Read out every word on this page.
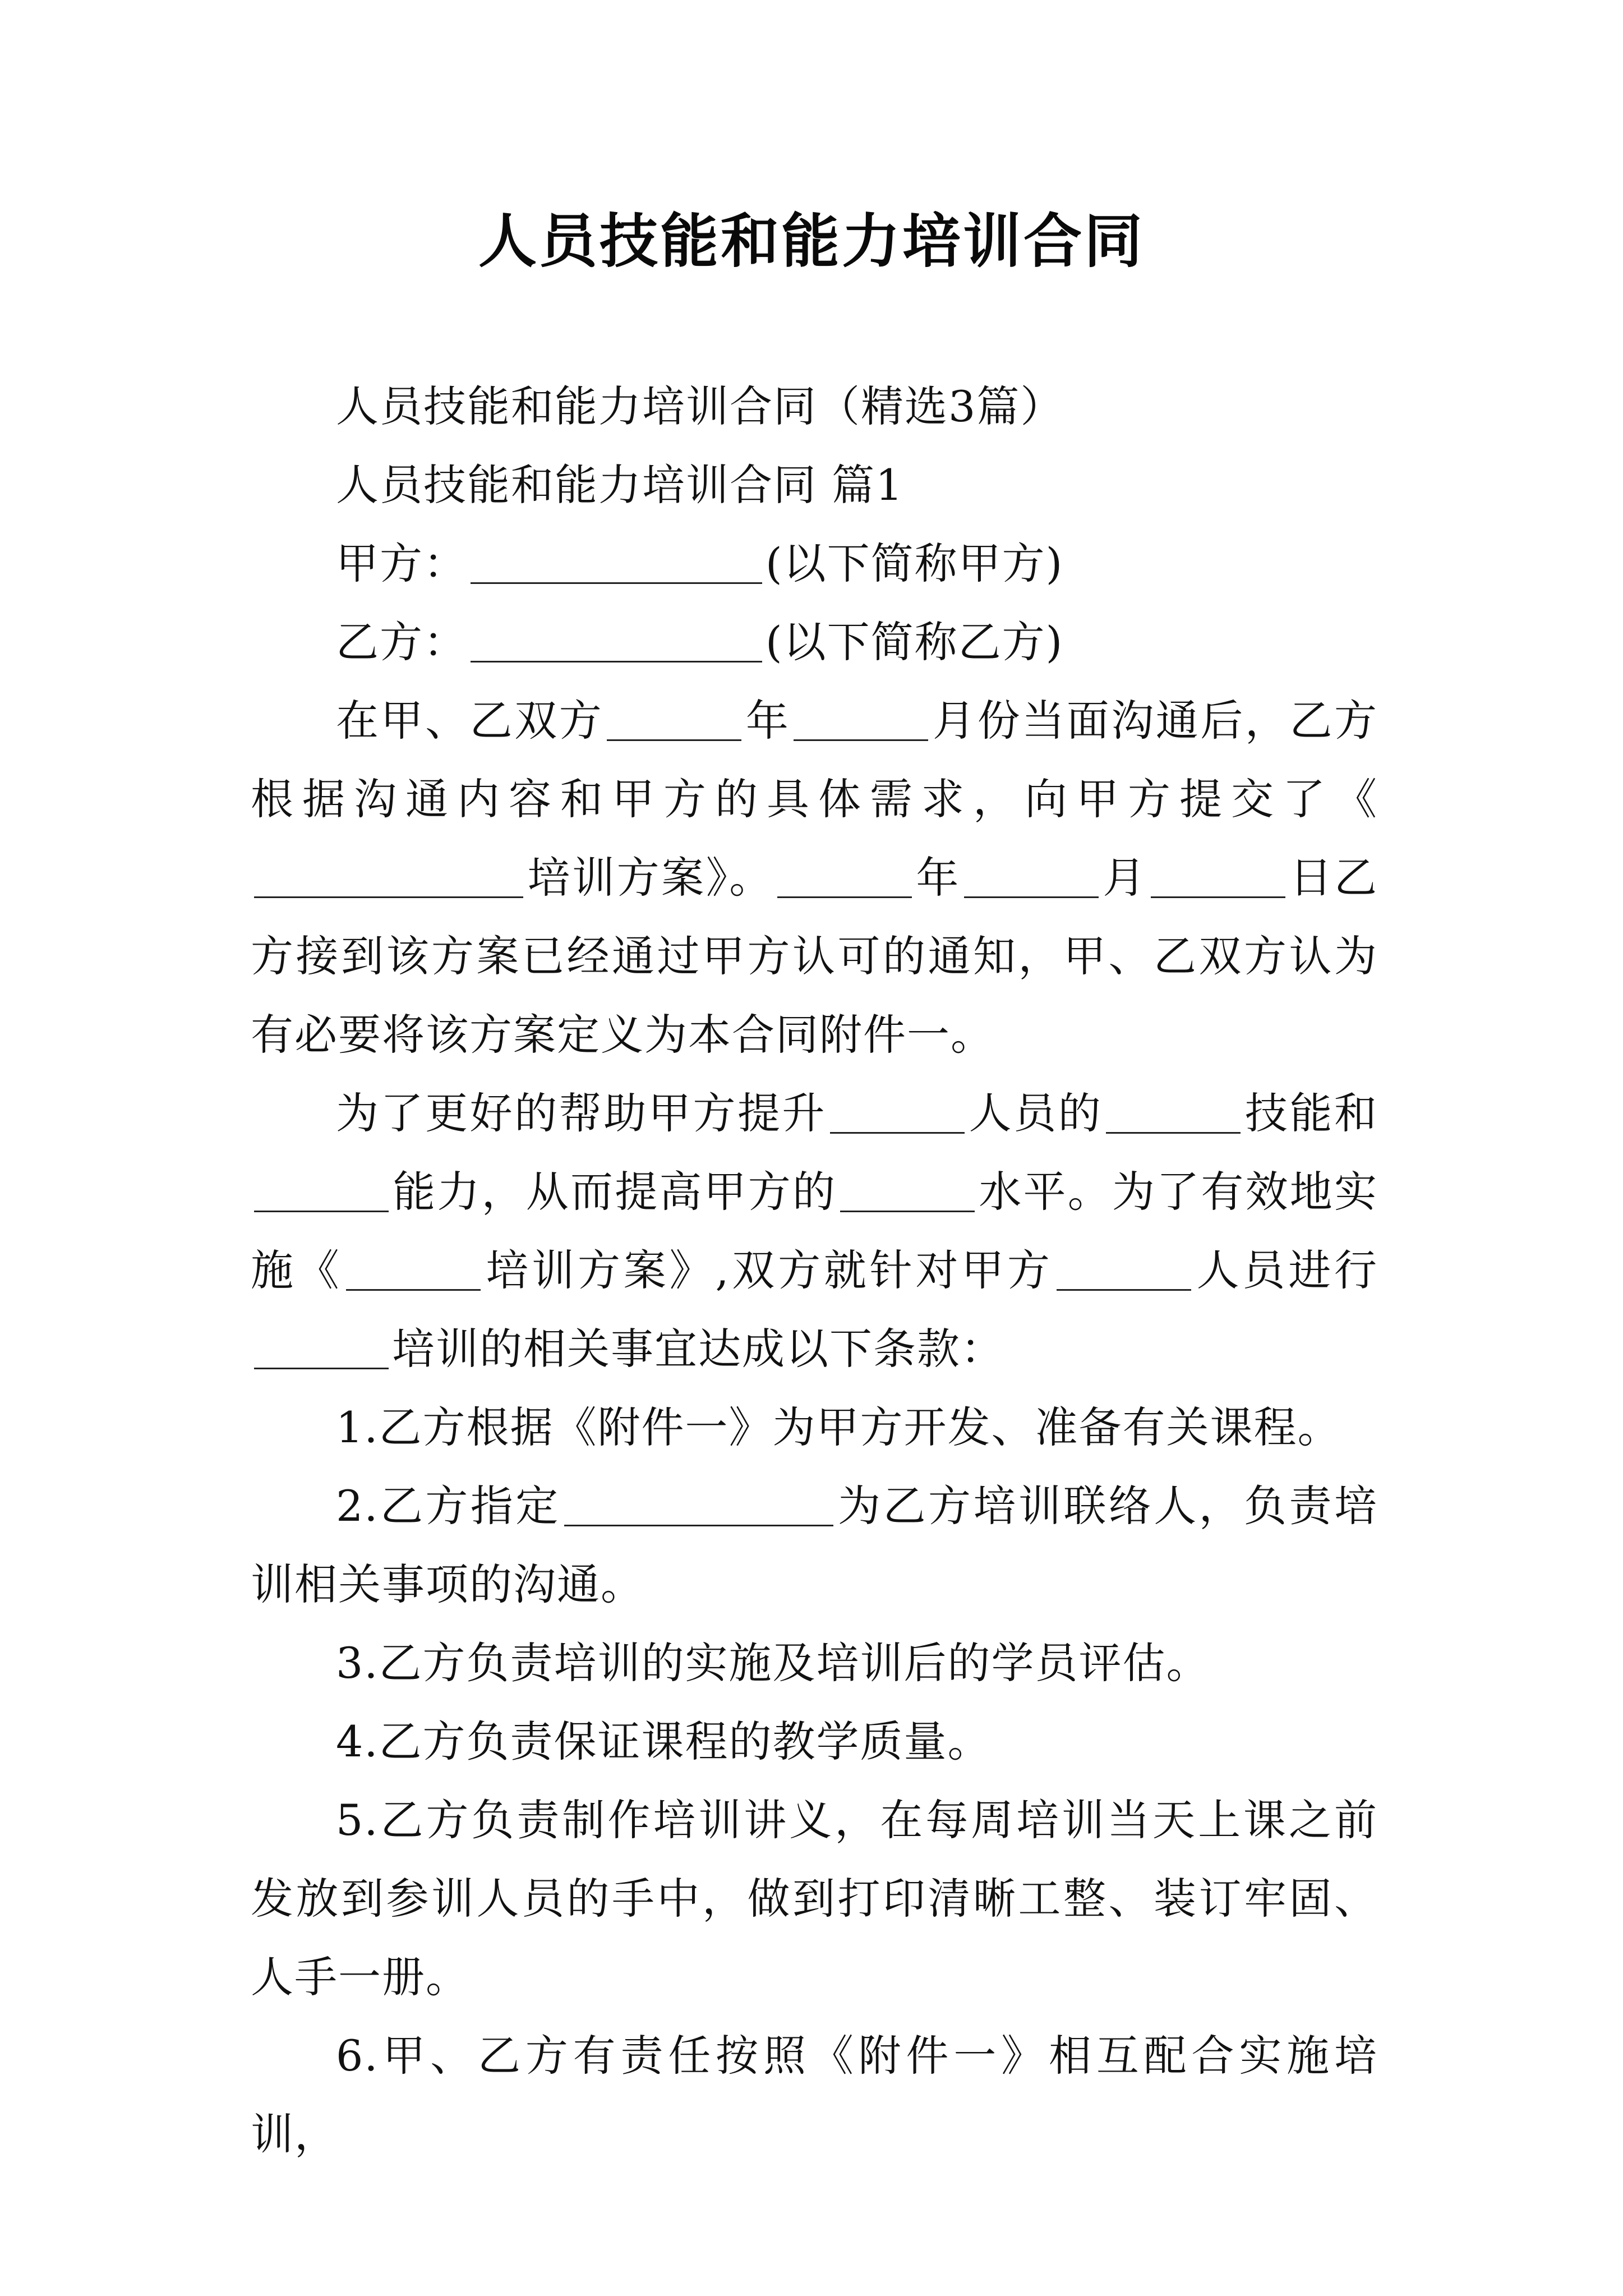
人员技能和能力培训合同

人员技能和能力培训合同（精选3篇）

人员技能和能力培训合同 篇1

甲方：	(以下简称甲方)

乙方：	(以下简称乙方)

在甲、乙双方	年	月份当面沟通后，乙方根据沟通内容和甲方的具体需求，向甲方提交了《培训方案》。	年	月	日乙方接到该方案已经通过甲方认可的通知，甲、乙双方认为有必要将该方案定义为本合同附件一。

为了更好的帮助甲方提升	人员的	技能和能力，从而提高甲方的	水平。为了有效地实施《	培训方案》,双方就针对甲方	人员进行培训的相关事宜达成以下条款：

1.乙方根据《附件一》为甲方开发、准备有关课程。

2.乙方指定	为乙方培训联络人，负责培训相关事项的沟通。

3.乙方负责培训的实施及培训后的学员评估。

4.乙方负责保证课程的教学质量。

5.乙方负责制作培训讲义，在每周培训当天上课之前发放到参训人员的手中，做到打印清晰工整、装订牢固、人手一册。

6.甲、乙方有责任按照《附件一》相互配合实施培训，
